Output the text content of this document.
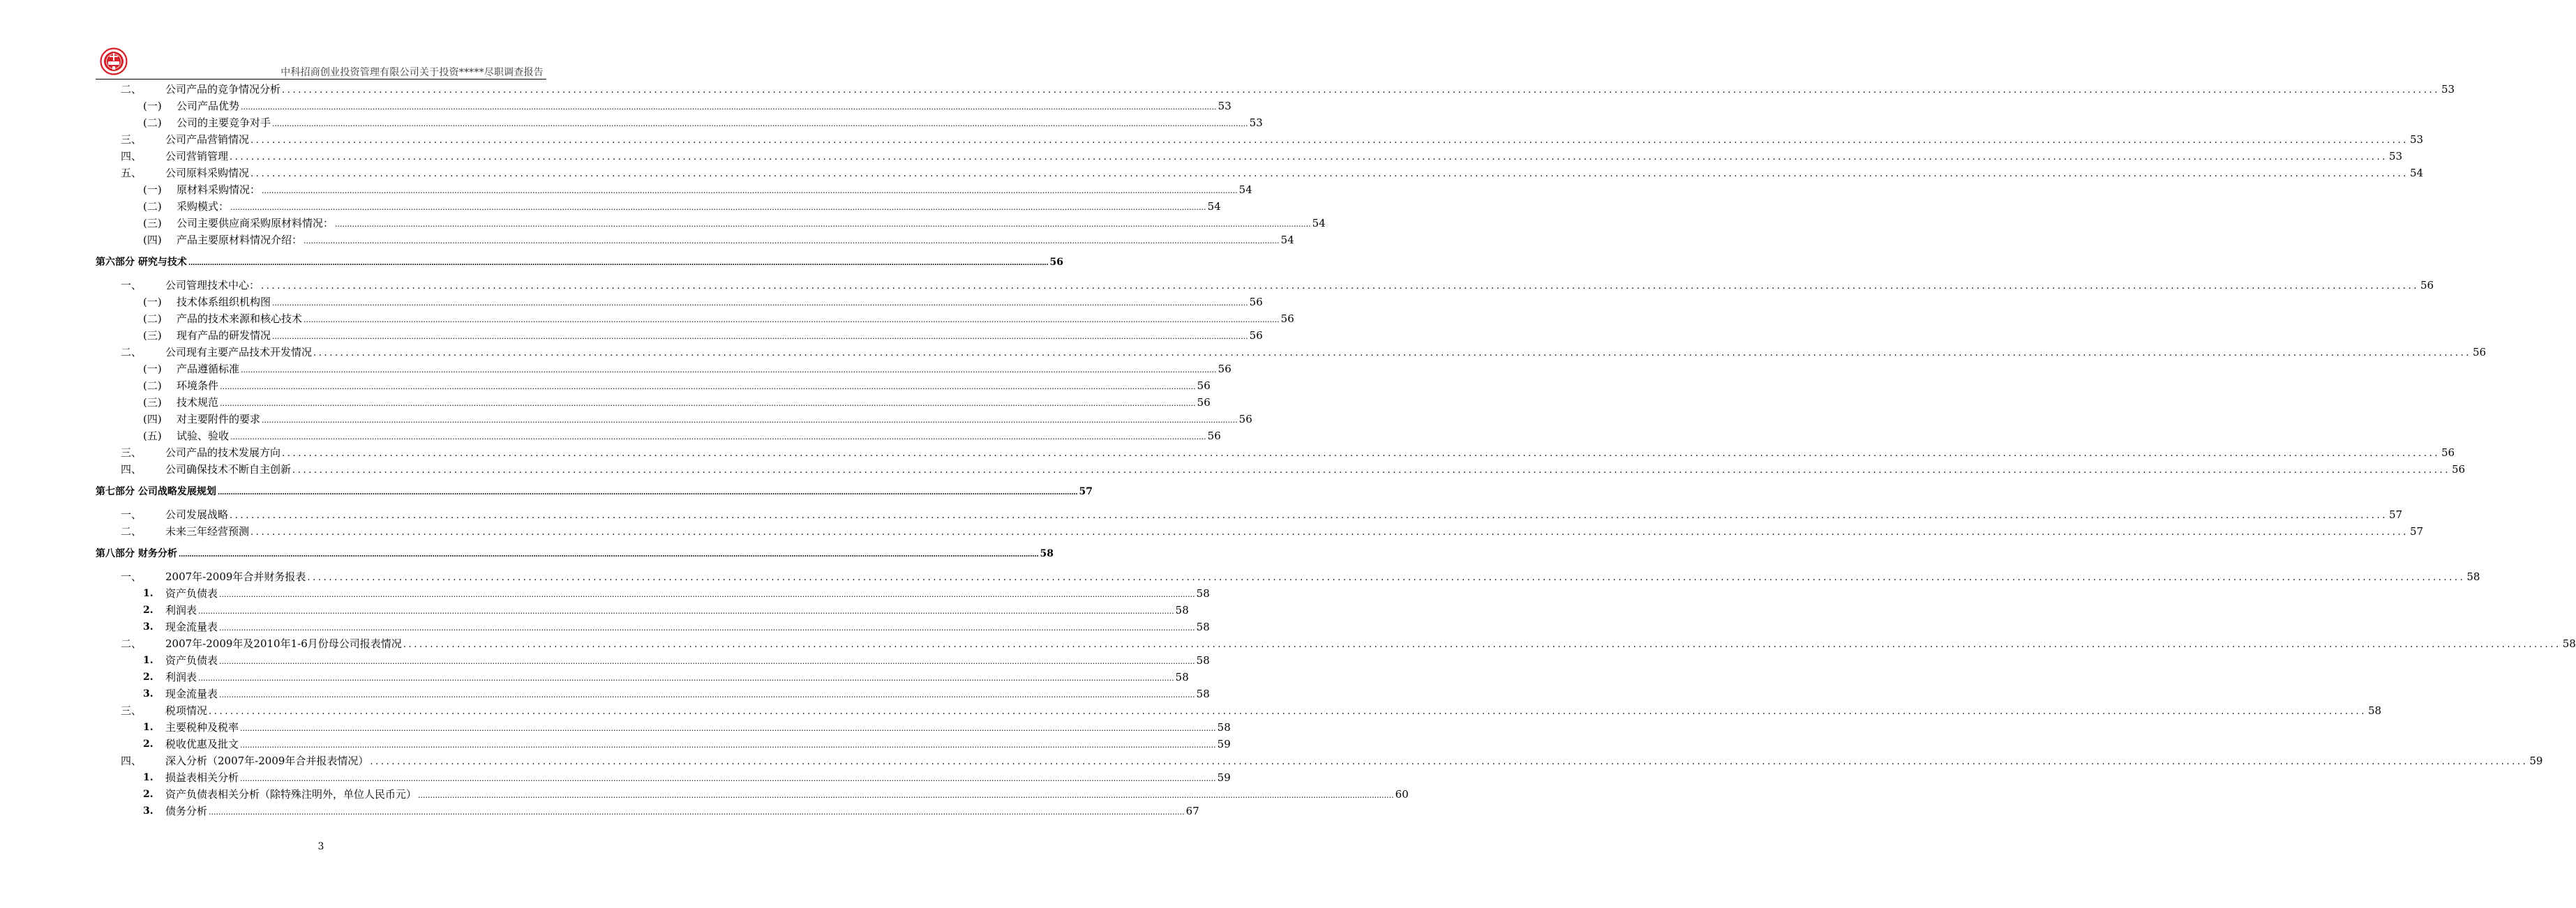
中科招商创业投资管理有限公司关于投资*****尽职调查报告
二、 公司产品的竞争情况分析 ................................................................................................................................................................................................................................................................................................................................................................................................................ 53
(一) 公司产品优势 ................................................................................................................................................................................................................................................................................................................................................................................................................ 53
(二) 公司的主要竞争对手 ................................................................................................................................................................................................................................................................................................................................................................................................................ 53
三、 公司产品营销情况 ................................................................................................................................................................................................................................................................................................................................................................................................................ 53
四、 公司营销管理 ................................................................................................................................................................................................................................................................................................................................................................................................................ 53
五、 公司原料采购情况 ................................................................................................................................................................................................................................................................................................................................................................................................................ 54
(一) 原材料采购情况： ................................................................................................................................................................................................................................................................................................................................................................................................................ 54
(二) 采购模式： ................................................................................................................................................................................................................................................................................................................................................................................................................ 54
(三) 公司主要供应商采购原材料情况： ................................................................................................................................................................................................................................................................................................................................................................................................................ 54
(四) 产品主要原材料情况介绍： ................................................................................................................................................................................................................................................................................................................................................................................................................ 54
第六部分 研究与技术 ................................................................................................................................................................................................................................................................................................................................................................................................................ 56
一、 公司管理技术中心： ................................................................................................................................................................................................................................................................................................................................................................................................................ 56
(一) 技术体系组织机构图 ................................................................................................................................................................................................................................................................................................................................................................................................................ 56
(二) 产品的技术来源和核心技术 ................................................................................................................................................................................................................................................................................................................................................................................................................ 56
(三) 现有产品的研发情况 ................................................................................................................................................................................................................................................................................................................................................................................................................ 56
二、 公司现有主要产品技术开发情况 ................................................................................................................................................................................................................................................................................................................................................................................................................ 56
(一) 产品遵循标准 ................................................................................................................................................................................................................................................................................................................................................................................................................ 56
(二) 环境条件 ................................................................................................................................................................................................................................................................................................................................................................................................................ 56
(三) 技术规范 ................................................................................................................................................................................................................................................................................................................................................................................................................ 56
(四) 对主要附件的要求 ................................................................................................................................................................................................................................................................................................................................................................................................................ 56
(五) 试验、验收 ................................................................................................................................................................................................................................................................................................................................................................................................................ 56
三、 公司产品的技术发展方向 ................................................................................................................................................................................................................................................................................................................................................................................................................ 56
四、 公司确保技术不断自主创新 ................................................................................................................................................................................................................................................................................................................................................................................................................ 56
第七部分 公司战略发展规划 ................................................................................................................................................................................................................................................................................................................................................................................................................ 57
一、 公司发展战略 ................................................................................................................................................................................................................................................................................................................................................................................................................ 57
二、 未来三年经营预测 ................................................................................................................................................................................................................................................................................................................................................................................................................ 57
第八部分 财务分析 ................................................................................................................................................................................................................................................................................................................................................................................................................ 58
一、 2007年-2009年合并财务报表 ................................................................................................................................................................................................................................................................................................................................................................................................................ 58
1. 资产负债表 ................................................................................................................................................................................................................................................................................................................................................................................................................ 58
2. 利润表 ................................................................................................................................................................................................................................................................................................................................................................................................................ 58
3. 现金流量表 ................................................................................................................................................................................................................................................................................................................................................................................................................ 58
二、 2007年-2009年及2010年1-6月份母公司报表情况 ................................................................................................................................................................................................................................................................................................................................................................................................................ 58
1. 资产负债表 ................................................................................................................................................................................................................................................................................................................................................................................................................ 58
2. 利润表 ................................................................................................................................................................................................................................................................................................................................................................................................................ 58
3. 现金流量表 ................................................................................................................................................................................................................................................................................................................................................................................................................ 58
三、 税项情况 ................................................................................................................................................................................................................................................................................................................................................................................................................ 58
1. 主要税种及税率 ................................................................................................................................................................................................................................................................................................................................................................................................................ 58
2. 税收优惠及批文 ................................................................................................................................................................................................................................................................................................................................................................................................................ 59
四、 深入分析（2007年-2009年合并报表情况） ................................................................................................................................................................................................................................................................................................................................................................................................................ 59
1. 损益表相关分析 ................................................................................................................................................................................................................................................................................................................................................................................................................ 59
2. 资产负债表相关分析（除特殊注明外，单位人民币元） ................................................................................................................................................................................................................................................................................................................................................................................................................ 60
3. 债务分析 ................................................................................................................................................................................................................................................................................................................................................................................................................ 67
3
